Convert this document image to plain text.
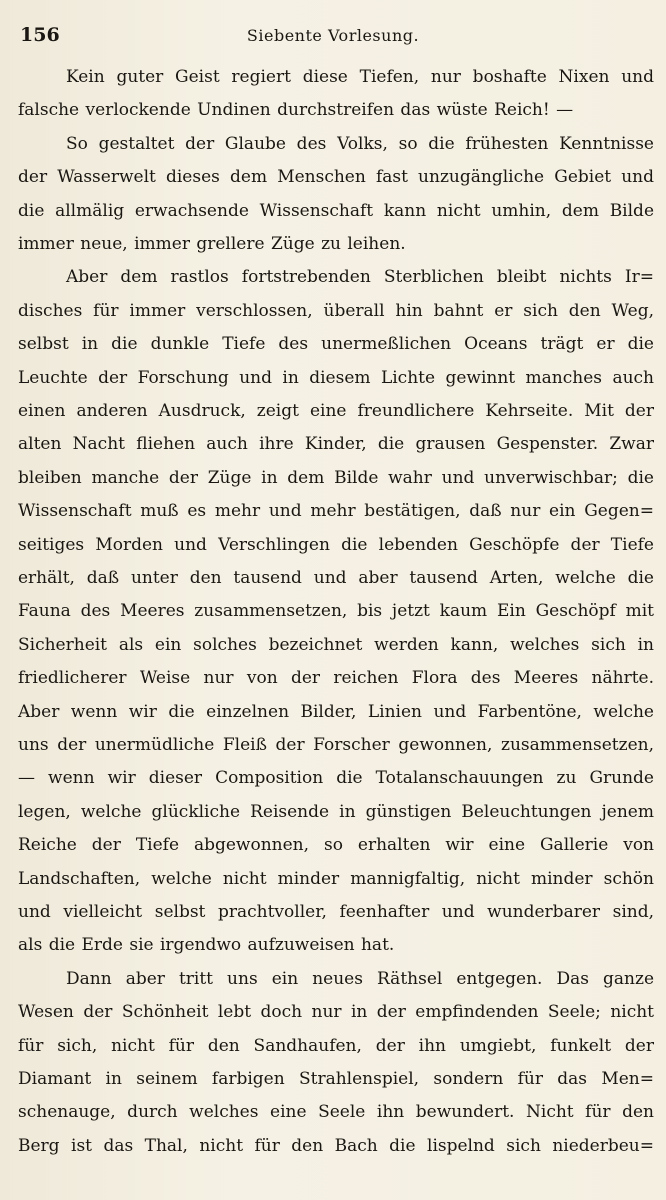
156	Siebente Vorlesung.
Kein guter Geist regiert diese Tiefen, nur boshafte Nixen und
falsche verlockende Undinen durchstreifen das wüste Reich! —
So gestaltet der Glaube des Volks, so die frühesten Kenntnisse
der Wasserwelt dieses dem Menschen fast unzugängliche Gebiet und
die allmälig erwachsende Wissenschaft kann nicht umhin, dem Bilde
immer neue, immer grellere Züge zu leihen.
Aber dem rastlos fortstrebenden Sterblichen bleibt nichts Ir=
disches für immer verschlossen, überall hin bahnt er sich den Weg,
selbst in die dunkle Tiefe des unermeßlichen Oceans trägt er die
Leuchte der Forschung und in diesem Lichte gewinnt manches auch
einen anderen Ausdruck, zeigt eine freundlichere Kehrseite. Mit der
alten Nacht fliehen auch ihre Kinder, die grausen Gespenster. Zwar
bleiben manche der Züge in dem Bilde wahr und unverwischbar; die
Wissenschaft muß es mehr und mehr bestätigen, daß nur ein Gegen=
seitiges Morden und Verschlingen die lebenden Geschöpfe der Tiefe
erhält, daß unter den tausend und aber tausend Arten, welche die
Fauna des Meeres zusammensetzen, bis jetzt kaum Ein Geschöpf mit
Sicherheit als ein solches bezeichnet werden kann, welches sich in
friedlicherer Weise nur von der reichen Flora des Meeres nährte.
Aber wenn wir die einzelnen Bilder, Linien und Farbentöne, welche
uns der unermüdliche Fleiß der Forscher gewonnen, zusammensetzen,
— wenn wir dieser Composition die Totalanschauungen zu Grunde
legen, welche glückliche Reisende in günstigen Beleuchtungen jenem
Reiche der Tiefe abgewonnen, so erhalten wir eine Gallerie von
Landschaften, welche nicht minder mannigfaltig, nicht minder schön
und vielleicht selbst prachtvoller, feenhafter und wunderbarer sind,
als die Erde sie irgendwo aufzuweisen hat.
Dann aber tritt uns ein neues Räthsel entgegen. Das ganze
Wesen der Schönheit lebt doch nur in der empfindenden Seele; nicht
für sich, nicht für den Sandhaufen, der ihn umgiebt, funkelt der
Diamant in seinem farbigen Strahlenspiel, sondern für das Men=
schenauge, durch welches eine Seele ihn bewundert. Nicht für den
Berg ist das Thal, nicht für den Bach die lispelnd sich niederbeu=
